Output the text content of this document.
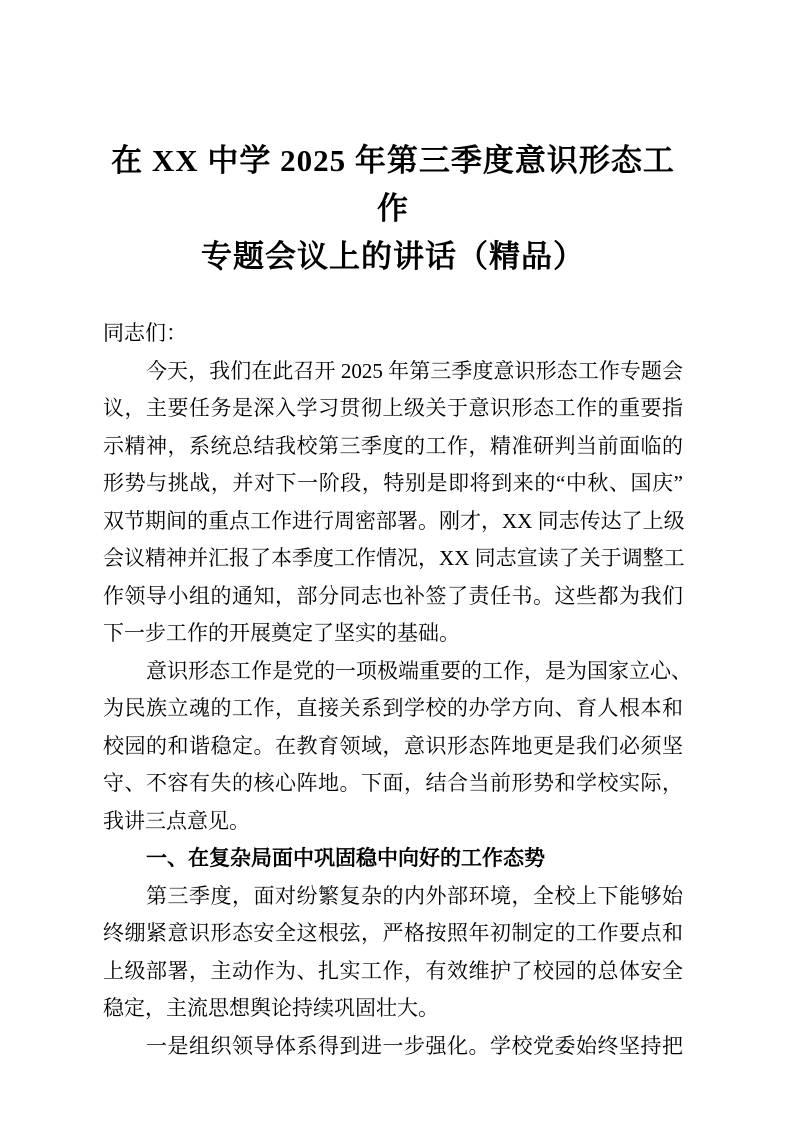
在 XX 中学 2025 年第三季度意识形态工作
专题会议上的讲话（精品）
同志们：
今天，我们在此召开 2025 年第三季度意识形态工作专题会
议，主要任务是深入学习贯彻上级关于意识形态工作的重要指
示精神，系统总结我校第三季度的工作，精准研判当前面临的
形势与挑战，并对下一阶段，特别是即将到来的“中秋、国庆”
双节期间的重点工作进行周密部署。刚才，XX 同志传达了上级
会议精神并汇报了本季度工作情况，XX 同志宣读了关于调整工
作领导小组的通知，部分同志也补签了责任书。这些都为我们
下一步工作的开展奠定了坚实的基础。
意识形态工作是党的一项极端重要的工作，是为国家立心、
为民族立魂的工作，直接关系到学校的办学方向、育人根本和
校园的和谐稳定。在教育领域，意识形态阵地更是我们必须坚
守、不容有失的核心阵地。下面，结合当前形势和学校实际，
我讲三点意见。
一、在复杂局面中巩固稳中向好的工作态势
第三季度，面对纷繁复杂的内外部环境，全校上下能够始
终绷紧意识形态安全这根弦，严格按照年初制定的工作要点和
上级部署，主动作为、扎实工作，有效维护了校园的总体安全
稳定，主流思想舆论持续巩固壮大。
一是组织领导体系得到进一步强化。学校党委始终坚持把
